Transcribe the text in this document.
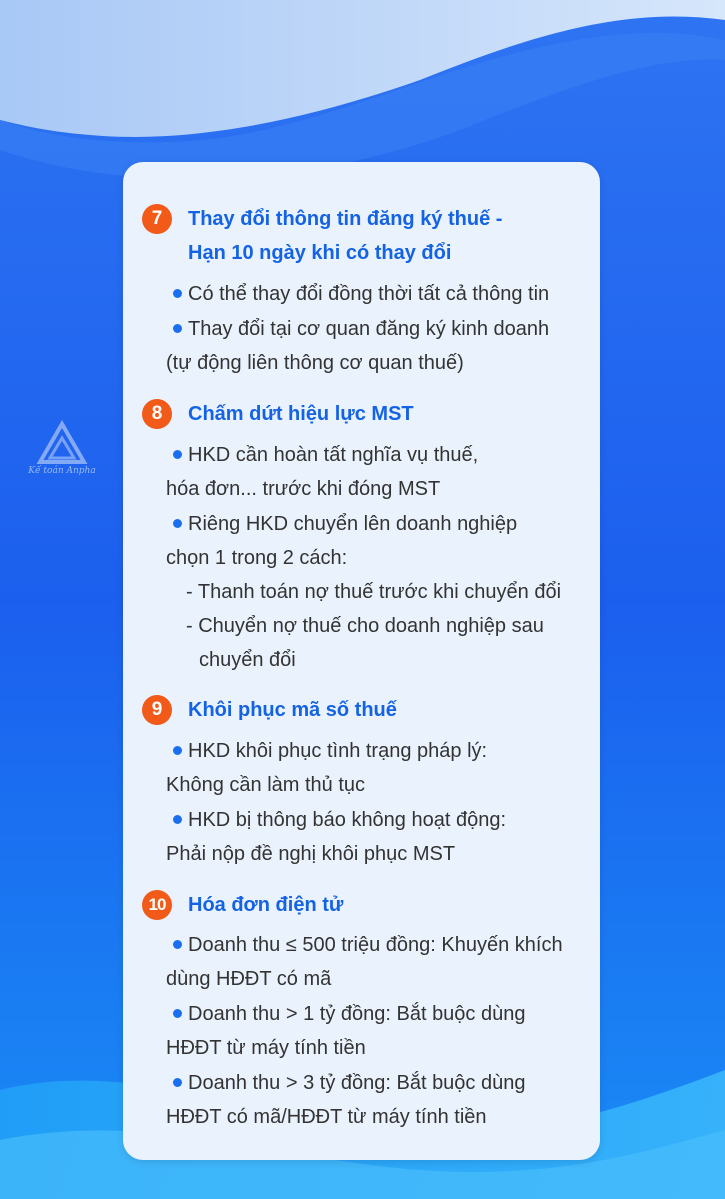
Kế toán Anpha
7	Thay đổi thông tin đăng ký thuế -
Hạn 10 ngày khi có thay đổi
Có thể thay đổi đồng thời tất cả thông tin
Thay đổi tại cơ quan đăng ký kinh doanh
(tự động liên thông cơ quan thuế)
8	Chấm dứt hiệu lực MST
HKD cần hoàn tất nghĩa vụ thuế,
hóa đơn... trước khi đóng MST
Riêng HKD chuyển lên doanh nghiệp
chọn 1 trong 2 cách:
- Thanh toán nợ thuế trước khi chuyển đổi
- Chuyển nợ thuế cho doanh nghiệp sau
chuyển đổi
9	Khôi phục mã số thuế
HKD khôi phục tình trạng pháp lý:
Không cần làm thủ tục
HKD bị thông báo không hoạt động:
Phải nộp đề nghị khôi phục MST
10	Hóa đơn điện tử
Doanh thu ≤ 500 triệu đồng: Khuyến khích
dùng HĐĐT có mã
Doanh thu > 1 tỷ đồng: Bắt buộc dùng
HĐĐT từ máy tính tiền
Doanh thu > 3 tỷ đồng: Bắt buộc dùng
HĐĐT có mã/HĐĐT từ máy tính tiền
